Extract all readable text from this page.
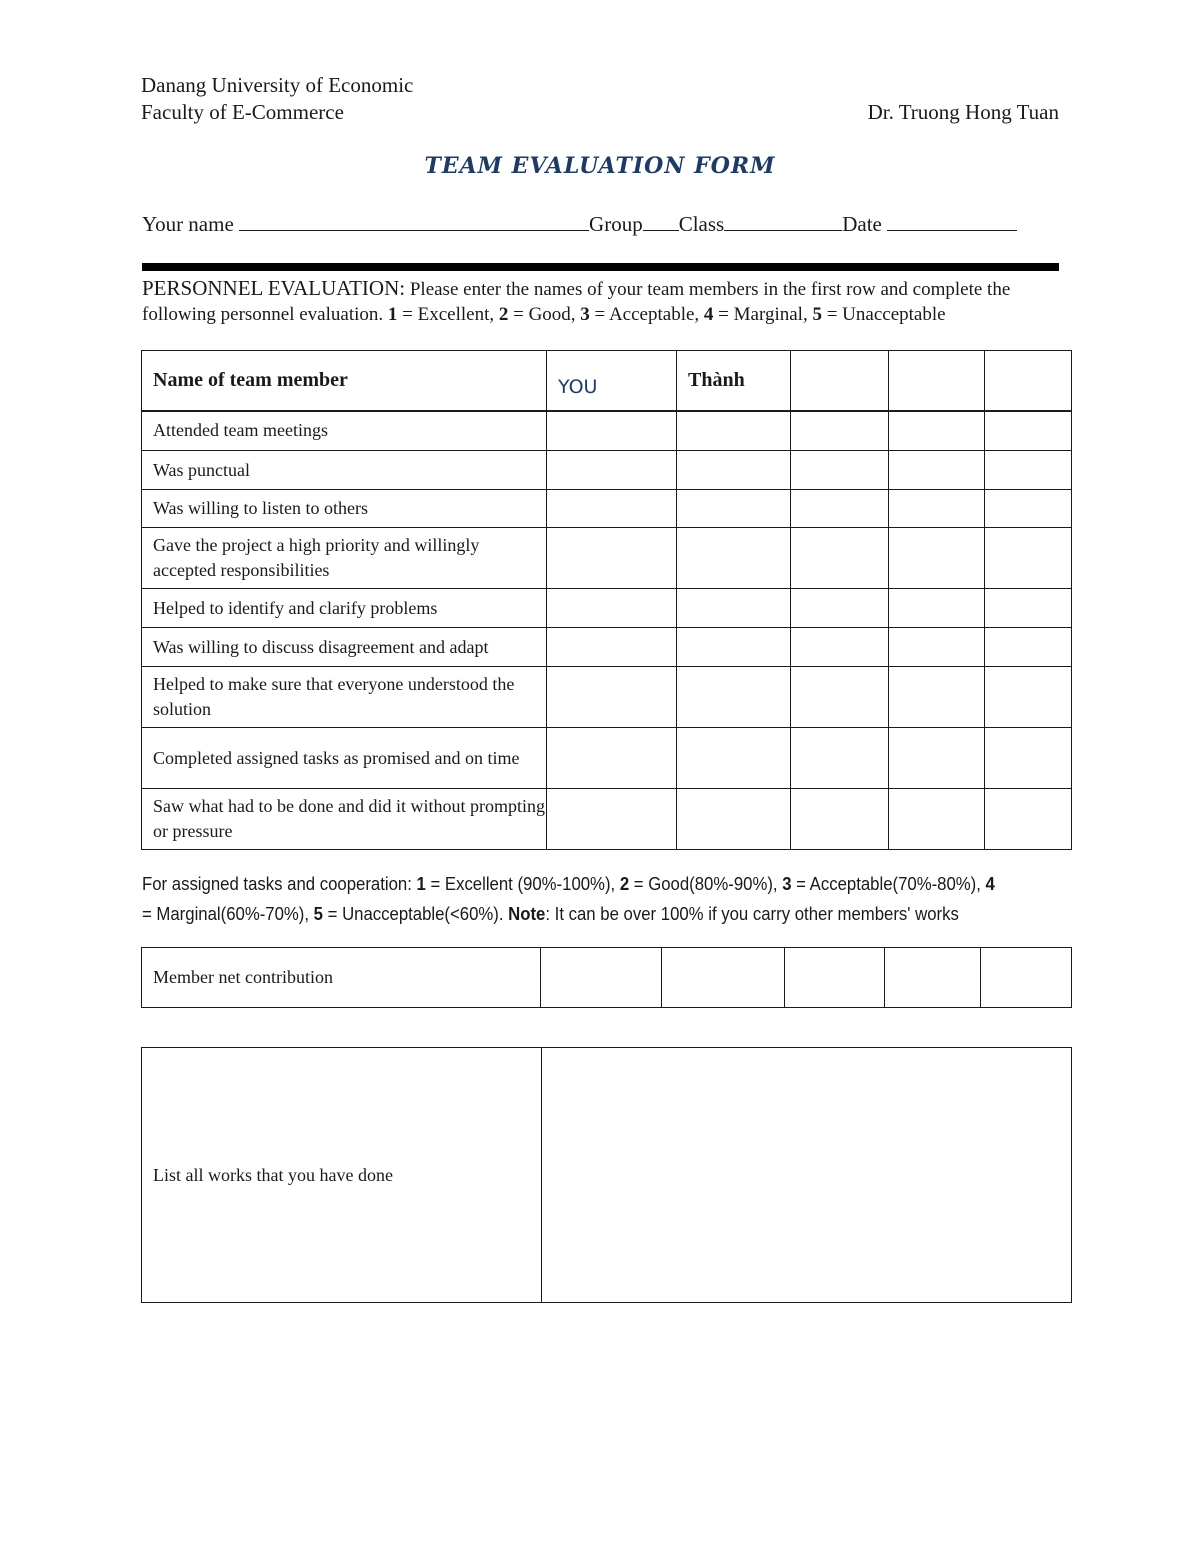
Danang University of Economic
Faculty of E-Commerce	Dr. Truong Hong Tuan
TEAM EVALUATION FORM
Your name	Group Class	Date
PERSONNEL EVALUATION: Please enter the names of your team members in the first row and complete the following personnel evaluation. 1 = Excellent, 2 = Good, 3 = Acceptable, 4 = Marginal, 5 = Unacceptable
Name of team member	YOU	Thành			
Attended team meetings					
Was punctual					
Was willing to listen to others					
Gave the project a high priority and willingly accepted responsibilities					
Helped to identify and clarify problems					
Was willing to discuss disagreement and adapt					
Helped to make sure that everyone understood the solution					
Completed assigned tasks as promised and on time					
Saw what had to be done and did it without prompting or pressure					
For assigned tasks and cooperation: 1 = Excellent (90%-100%), 2 = Good(80%-90%), 3 = Acceptable(70%-80%), 4 = Marginal(60%-70%), 5 = Unacceptable(<60%). Note: It can be over 100% if you carry other members' works
Member net contribution					
List all works that you have done	
